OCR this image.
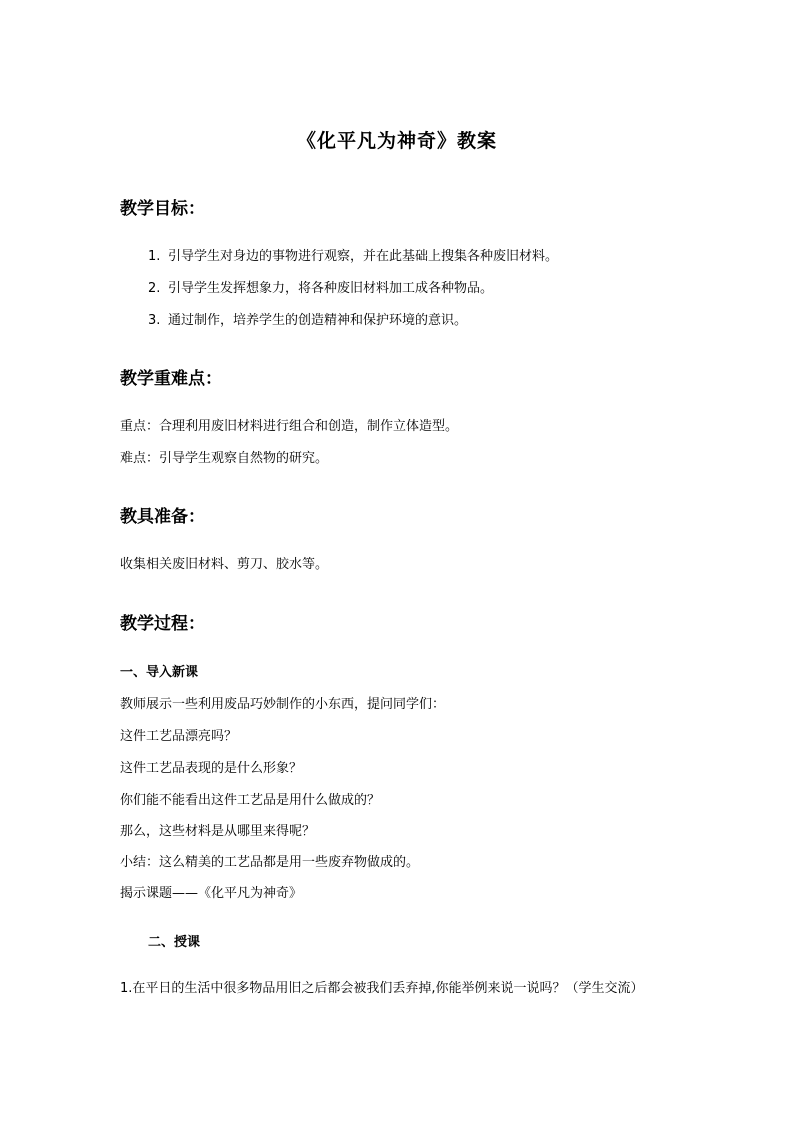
《化平凡为神奇》教案
教学目标：
1. 引导学生对身边的事物进行观察，并在此基础上搜集各种废旧材料。
2. 引导学生发挥想象力，将各种废旧材料加工成各种物品。
3. 通过制作，培养学生的创造精神和保护环境的意识。
教学重难点：
重点：合理利用废旧材料进行组合和创造，制作立体造型。
难点：引导学生观察自然物的研究。
教具准备：
收集相关废旧材料、剪刀、胶水等。
教学过程：
一、导入新课
教师展示一些利用废品巧妙制作的小东西，提问同学们：
这件工艺品漂亮吗？
这件工艺品表现的是什么形象？
你们能不能看出这件工艺品是用什么做成的？
那么，这些材料是从哪里来得呢？
小结：这么精美的工艺品都是用一些废弃物做成的。
揭示课题——《化平凡为神奇》
二、授课
1.在平日的生活中很多物品用旧之后都会被我们丢弃掉,你能举例来说一说吗？（学生交流）
